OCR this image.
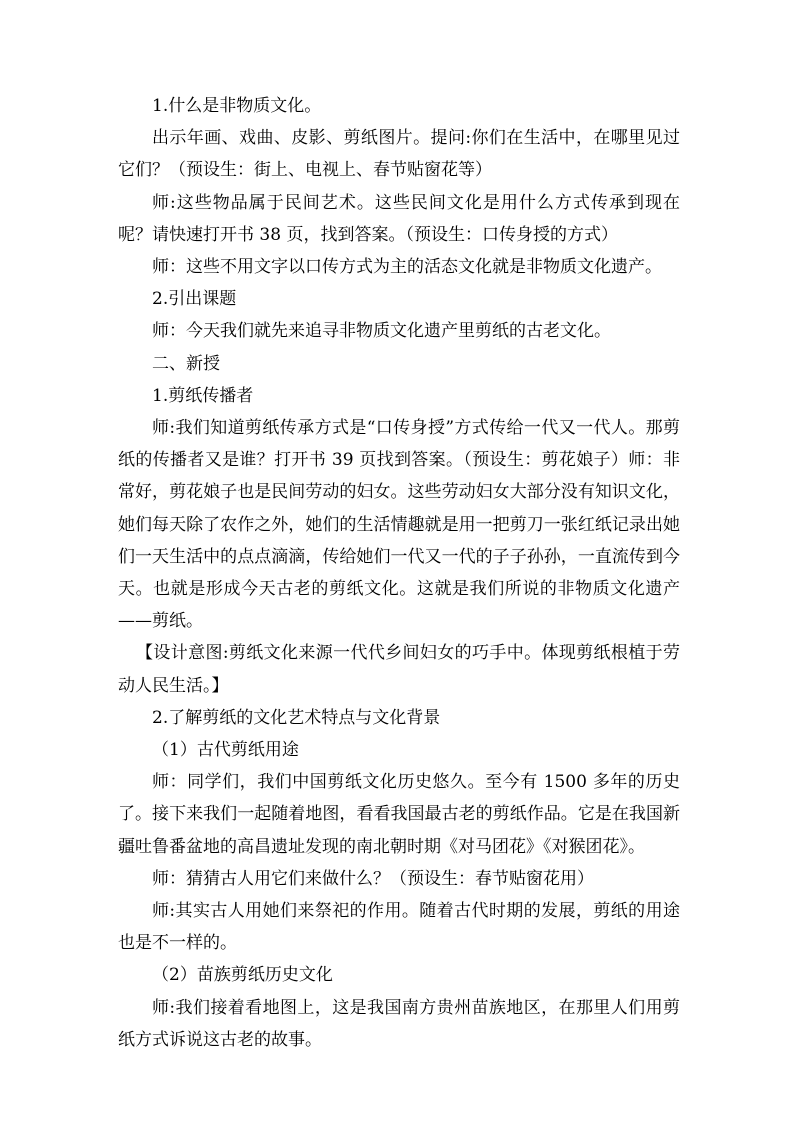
1.什么是非物质文化。

出示年画、戏曲、皮影、剪纸图片。提问:你们在生活中，在哪里见过它们？（预设生：街上、电视上、春节贴窗花等）

师:这些物品属于民间艺术。这些民间文化是用什么方式传承到现在呢？请快速打开书 38 页，找到答案。（预设生：口传身授的方式）

师：这些不用文字以口传方式为主的活态文化就是非物质文化遗产。

2.引出课题

师：今天我们就先来追寻非物质文化遗产里剪纸的古老文化。

二、新授

1.剪纸传播者

师:我们知道剪纸传承方式是“口传身授”方式传给一代又一代人。那剪纸的传播者又是谁？打开书 39 页找到答案。（预设生：剪花娘子）师：非常好，剪花娘子也是民间劳动的妇女。这些劳动妇女大部分没有知识文化，她们每天除了农作之外，她们的生活情趣就是用一把剪刀一张红纸记录出她们一天生活中的点点滴滴，传给她们一代又一代的子子孙孙，一直流传到今天。也就是形成今天古老的剪纸文化。这就是我们所说的非物质文化遗产——剪纸。

【设计意图:剪纸文化来源一代代乡间妇女的巧手中。体现剪纸根植于劳动人民生活。】

2.了解剪纸的文化艺术特点与文化背景

（1）古代剪纸用途

师：同学们，我们中国剪纸文化历史悠久。至今有 1500 多年的历史了。接下来我们一起随着地图，看看我国最古老的剪纸作品。它是在我国新疆吐鲁番盆地的高昌遗址发现的南北朝时期《对马团花》《对猴团花》。

师：猜猜古人用它们来做什么？（预设生：春节贴窗花用）

师:其实古人用她们来祭祀的作用。随着古代时期的发展，剪纸的用途也是不一样的。

（2）苗族剪纸历史文化

师:我们接着看地图上，这是我国南方贵州苗族地区，在那里人们用剪纸方式诉说这古老的故事。
